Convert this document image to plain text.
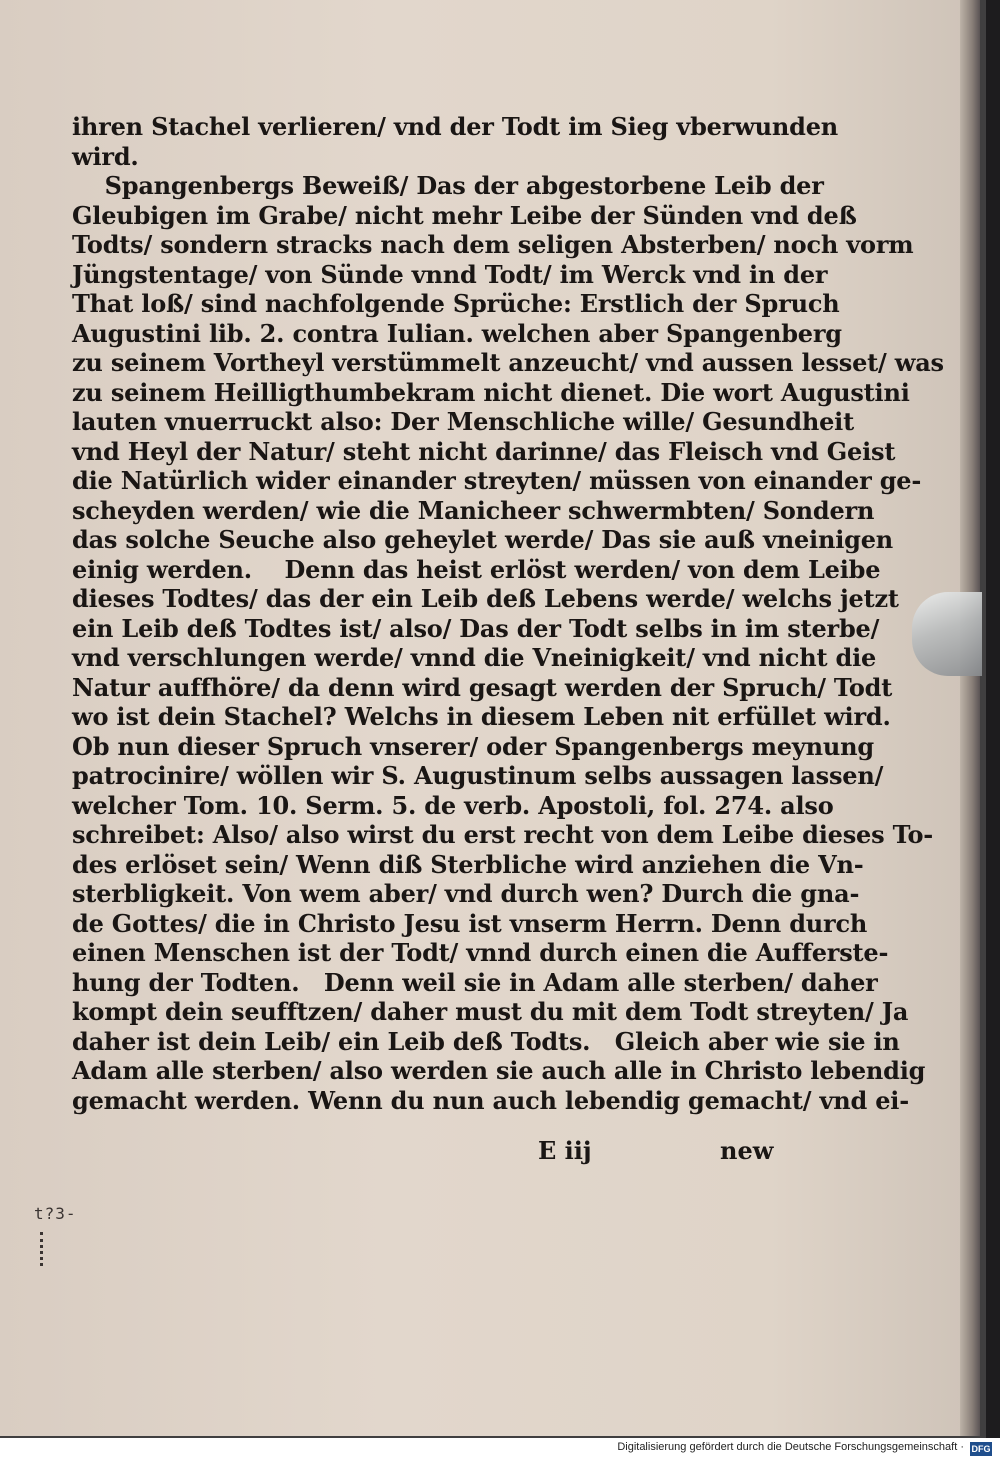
ihren Stachel verlieren/ vnd der Todt im Sieg vberwunden
wird.
Spangenbergs Beweiß/ Das der abgestorbene Leib der
Gleubigen im Grabe/ nicht mehr Leibe der Sünden vnd deß
Todts/ sondern stracks nach dem seligen Absterben/ noch vorm
Jüngstentage/ von Sünde vnnd Todt/ im Werck vnd in der
That loß/ sind nachfolgende Sprüche: Erstlich der Spruch
Augustini lib. 2. contra Iulian. welchen aber Spangenberg
zu seinem Vortheyl verstümmelt anzeucht/ vnd aussen lesset/ was
zu seinem Heilligthumbekram nicht dienet. Die wort Augustini
lauten vnuerruckt also: Der Menschliche wille/ Gesundheit
vnd Heyl der Natur/ steht nicht darinne/ das Fleisch vnd Geist
die Natürlich wider einander streyten/ müssen von einander ge-
scheyden werden/ wie die Manicheer schwermbten/ Sondern
das solche Seuche also geheylet werde/ Das sie auß vneinigen
einig werden.    Denn das heist erlöst werden/ von dem Leibe
dieses Todtes/ das der ein Leib deß Lebens werde/ welchs jetzt
ein Leib deß Todtes ist/ also/ Das der Todt selbs in im sterbe/
vnd verschlungen werde/ vnnd die Vneinigkeit/ vnd nicht die
Natur auffhöre/ da denn wird gesagt werden der Spruch/ Todt
wo ist dein Stachel? Welchs in diesem Leben nit erfüllet wird.
Ob nun dieser Spruch vnserer/ oder Spangenbergs meynung
patrocinire/ wöllen wir S. Augustinum selbs aussagen lassen/
welcher Tom. 10. Serm. 5. de verb. Apostoli, fol. 274. also
schreibet: Also/ also wirst du erst recht von dem Leibe dieses To-
des erlöset sein/ Wenn diß Sterbliche wird anziehen die Vn-
sterbligkeit. Von wem aber/ vnd durch wen? Durch die gna-
de Gottes/ die in Christo Jesu ist vnserm Herrn. Denn durch
einen Menschen ist der Todt/ vnnd durch einen die Aufferste-
hung der Todten.   Denn weil sie in Adam alle sterben/ daher
kompt dein seufftzen/ daher must du mit dem Todt streyten/ Ja
daher ist dein Leib/ ein Leib deß Todts.   Gleich aber wie sie in
Adam alle sterben/ also werden sie auch alle in Christo lebendig
gemacht werden. Wenn du nun auch lebendig gemacht/ vnd ei-
E iij	new
t?3-
Digitalisierung gefördert durch die Deutsche Forschungsgemeinschaft · DFG
